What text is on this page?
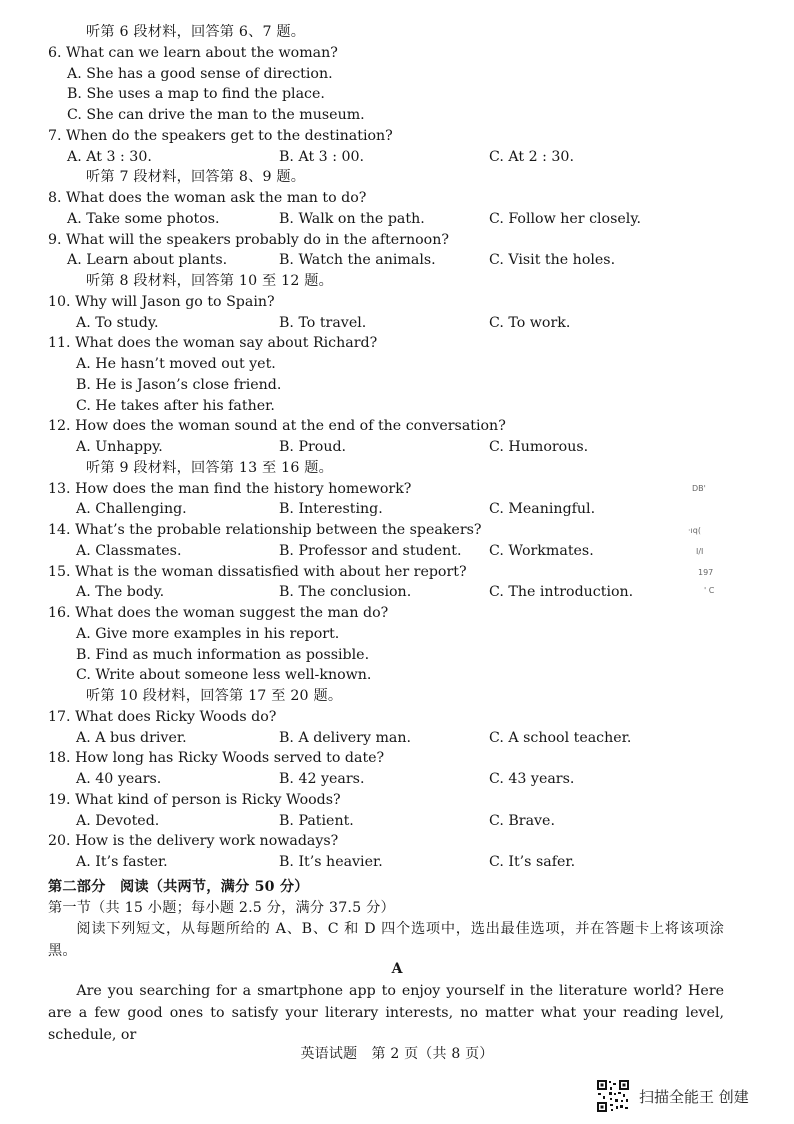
听第 6 段材料，回答第 6、7 题。
6. What can we learn about the woman?
A. She has a good sense of direction.
B. She uses a map to find the place.
C. She can drive the man to the museum.
7. When do the speakers get to the destination?
A. At 3 : 30.	B. At 3 : 00.	C. At 2 : 30.
听第 7 段材料，回答第 8、9 题。
8. What does the woman ask the man to do?
A. Take some photos.	B. Walk on the path.	C. Follow her closely.
9. What will the speakers probably do in the afternoon?
A. Learn about plants.	B. Watch the animals.	C. Visit the holes.
听第 8 段材料，回答第 10 至 12 题。
10. Why will Jason go to Spain?
A. To study.	B. To travel.	C. To work.
11. What does the woman say about Richard?
A. He hasn’t moved out yet.
B. He is Jason’s close friend.
C. He takes after his father.
12. How does the woman sound at the end of the conversation?
A. Unhappy.	B. Proud.	C. Humorous.
听第 9 段材料，回答第 13 至 16 题。
13. How does the man find the history homework?
A. Challenging.	B. Interesting.	C. Meaningful.
14. What’s the probable relationship between the speakers?
A. Classmates.	B. Professor and student. C. Workmates.
15. What is the woman dissatisfied with about her report?
A. The body.	B. The conclusion.	C. The introduction.
16. What does the woman suggest the man do?
A. Give more examples in his report.
B. Find as much information as possible.
C. Write about someone less well-known.
听第 10 段材料，回答第 17 至 20 题。
17. What does Ricky Woods do?
A. A bus driver.	B. A delivery man.	C. A school teacher.
18. How long has Ricky Woods served to date?
A. 40 years.	B. 42 years.	C. 43 years.
19. What kind of person is Ricky Woods?
A. Devoted.	B. Patient.	C. Brave.
20. How is the delivery work nowadays?
A. It’s faster.	B. It’s heavier.	C. It’s safer.
第二部分　阅读（共两节，满分 50 分）
第一节（共 15 小题；每小题 2.5 分，满分 37.5 分）
阅读下列短文，从每题所给的 A、B、C 和 D 四个选项中，选出最佳选项，并在答题卡上将该项涂黑。
A
Are you searching for a smartphone app to enjoy yourself in the literature world? Here are a few good ones to satisfy your literary interests, no matter what your reading level, schedule, or
英语试题　第 2 页（共 8 页）
DB'
·ıq(
I/I
197
' C
扫描全能王 创建
